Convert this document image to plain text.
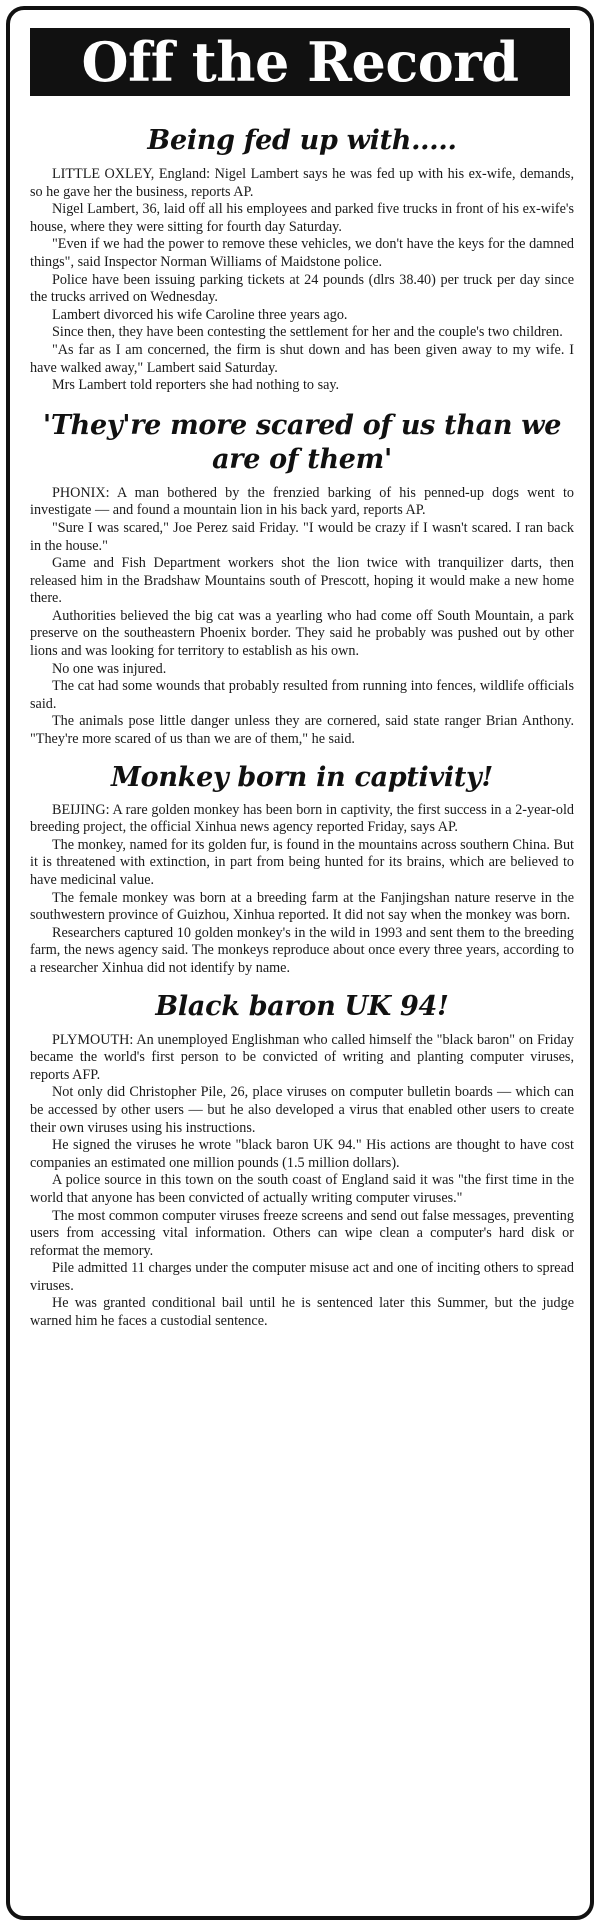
Off the Record
Being fed up with.....

LITTLE OXLEY, England: Nigel Lambert says he was fed up with his ex-wife, demands, so he gave her the business, reports AP.

Nigel Lambert, 36, laid off all his employees and parked five trucks in front of his ex-wife's house, where they were sitting for fourth day Saturday.

"Even if we had the power to remove these vehicles, we don't have the keys for the damned things", said Inspector Norman Williams of Maidstone police.

Police have been issuing parking tickets at 24 pounds (dlrs 38.40) per truck per day since the trucks arrived on Wednesday.

Lambert divorced his wife Caroline three years ago.

Since then, they have been contesting the settlement for her and the couple's two children.

"As far as I am concerned, the firm is shut down and has been given away to my wife. I have walked away," Lambert said Saturday.

Mrs Lambert told reporters she had nothing to say.

'They're more scared of us than we are of them'

PHONIX: A man bothered by the frenzied barking of his penned-up dogs went to investigate — and found a mountain lion in his back yard, reports AP.

"Sure I was scared," Joe Perez said Friday. "I would be crazy if I wasn't scared. I ran back in the house."

Game and Fish Department workers shot the lion twice with tranquilizer darts, then released him in the Bradshaw Mountains south of Prescott, hoping it would make a new home there.

Authorities believed the big cat was a yearling who had come off South Mountain, a park preserve on the southeastern Phoenix border. They said he probably was pushed out by other lions and was looking for territory to establish as his own.

No one was injured.

The cat had some wounds that probably resulted from running into fences, wildlife officials said.

The animals pose little danger unless they are cornered, said state ranger Brian Anthony. "They're more scared of us than we are of them," he said.

Monkey born in captivity!

BEIJING: A rare golden monkey has been born in captivity, the first success in a 2-year-old breeding project, the official Xinhua news agency reported Friday, says AP.

The monkey, named for its golden fur, is found in the mountains across southern China. But it is threatened with extinction, in part from being hunted for its brains, which are believed to have medicinal value.

The female monkey was born at a breeding farm at the Fanjingshan nature reserve in the southwestern province of Guizhou, Xinhua reported. It did not say when the monkey was born.

Researchers captured 10 golden monkey's in the wild in 1993 and sent them to the breeding farm, the news agency said. The monkeys reproduce about once every three years, according to a researcher Xinhua did not identify by name.

Black baron UK 94!

PLYMOUTH: An unemployed Englishman who called himself the "black baron" on Friday became the world's first person to be convicted of writing and planting computer viruses, reports AFP.

Not only did Christopher Pile, 26, place viruses on computer bulletin boards — which can be accessed by other users — but he also developed a virus that enabled other users to create their own viruses using his instructions.

He signed the viruses he wrote "black baron UK 94." His actions are thought to have cost companies an estimated one million pounds (1.5 million dollars).

A police source in this town on the south coast of England said it was "the first time in the world that anyone has been convicted of actually writing computer viruses."

The most common computer viruses freeze screens and send out false messages, preventing users from accessing vital information. Others can wipe clean a computer's hard disk or reformat the memory.

Pile admitted 11 charges under the computer misuse act and one of inciting others to spread viruses.

He was granted conditional bail until he is sentenced later this Summer, but the judge warned him he faces a custodial sentence.
